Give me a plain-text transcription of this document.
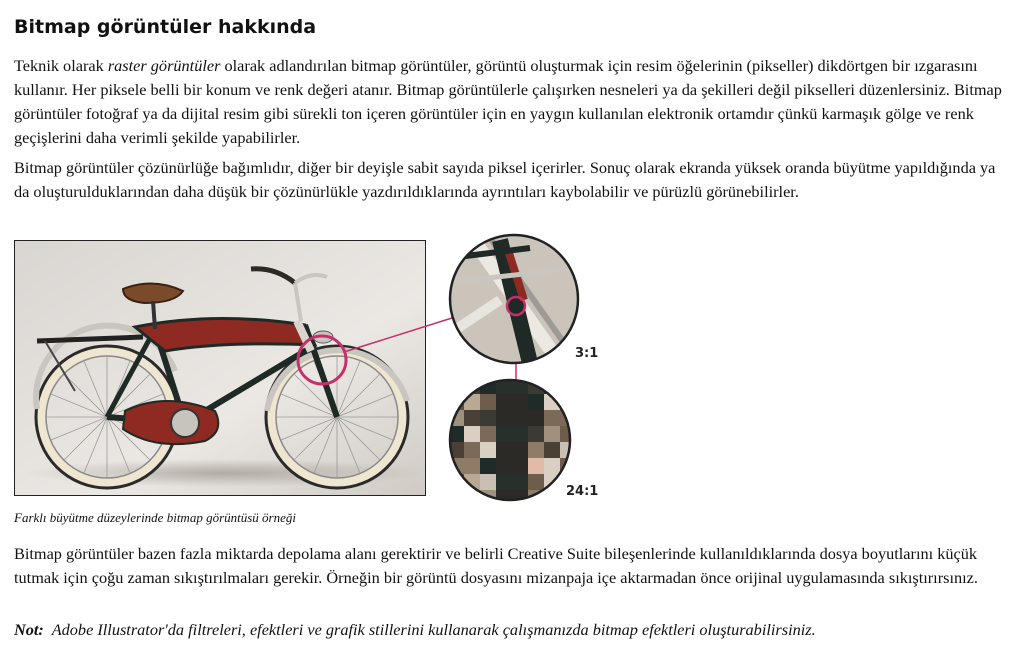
Bitmap görüntüler hakkında

Teknik olarak raster görüntüler olarak adlandırılan bitmap görüntüler, görüntü oluşturmak için resim öğelerinin (pikseller) dikdörtgen bir ızgarasını kullanır. Her piksele belli bir konum ve renk değeri atanır. Bitmap görüntülerle çalışırken nesneleri ya da şekilleri değil pikselleri düzenlersiniz. Bitmap görüntüler fotoğraf ya da dijital resim gibi sürekli ton içeren görüntüler için en yaygın kullanılan elektronik ortamdır çünkü karmaşık gölge ve renk geçişlerini daha verimli şekilde yapabilirler.

Bitmap görüntüler çözünürlüğe bağımlıdır, diğer bir deyişle sabit sayıda piksel içerirler. Sonuç olarak ekranda yüksek oranda büyütme yapıldığında ya da oluşturulduklarından daha düşük bir çözünürlükle yazdırıldıklarında ayrıntıları kaybolabilir ve pürüzlü görünebilirler.

3:1
24:1

Farklı büyütme düzeylerinde bitmap görüntüsü örneği

Bitmap görüntüler bazen fazla miktarda depolama alanı gerektirir ve belirli Creative Suite bileşenlerinde kullanıldıklarında dosya boyutlarını küçük tutmak için çoğu zaman sıkıştırılmaları gerekir. Örneğin bir görüntü dosyasını mizanpaja içe aktarmadan önce orijinal uygulamasında sıkıştırırsınız.

Not: Adobe Illustrator'da filtreleri, efektleri ve grafik stillerini kullanarak çalışmanızda bitmap efektleri oluşturabilirsiniz.
